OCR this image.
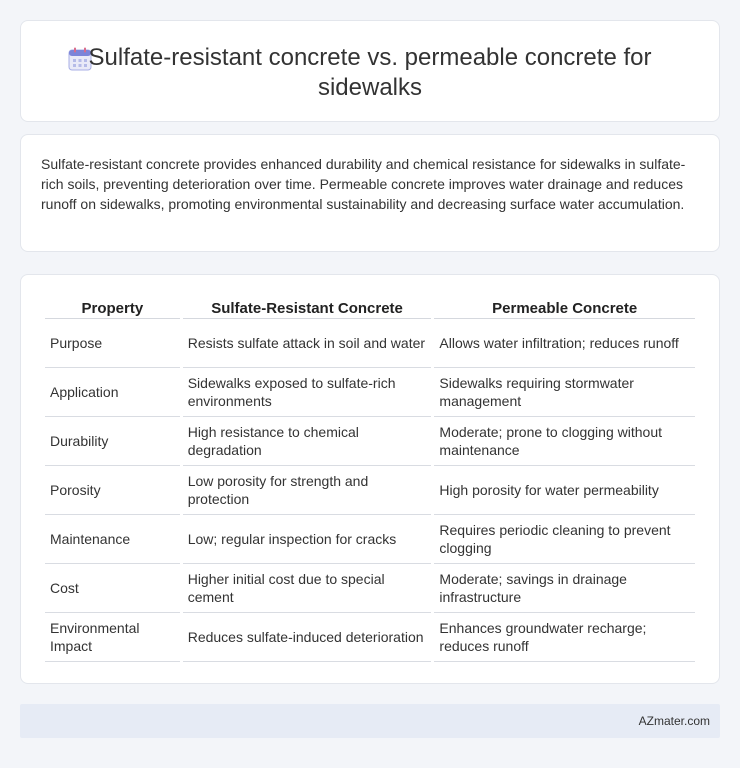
Sulfate-resistant concrete vs. permeable concrete for sidewalks

Sulfate-resistant concrete provides enhanced durability and chemical resistance for sidewalks in sulfate-rich soils, preventing deterioration over time. Permeable concrete improves water drainage and reduces runoff on sidewalks, promoting environmental sustainability and decreasing surface water accumulation.

Property	Sulfate-Resistant Concrete	Permeable Concrete
Purpose	Resists sulfate attack in soil and water	Allows water infiltration; reduces runoff
Application	Sidewalks exposed to sulfate-rich environments	Sidewalks requiring stormwater management
Durability	High resistance to chemical degradation	Moderate; prone to clogging without maintenance
Porosity	Low porosity for strength and protection	High porosity for water permeability
Maintenance	Low; regular inspection for cracks	Requires periodic cleaning to prevent clogging
Cost	Higher initial cost due to special cement	Moderate; savings in drainage infrastructure
Environmental Impact	Reduces sulfate-induced deterioration	Enhances groundwater recharge; reduces runoff
AZmater.com
